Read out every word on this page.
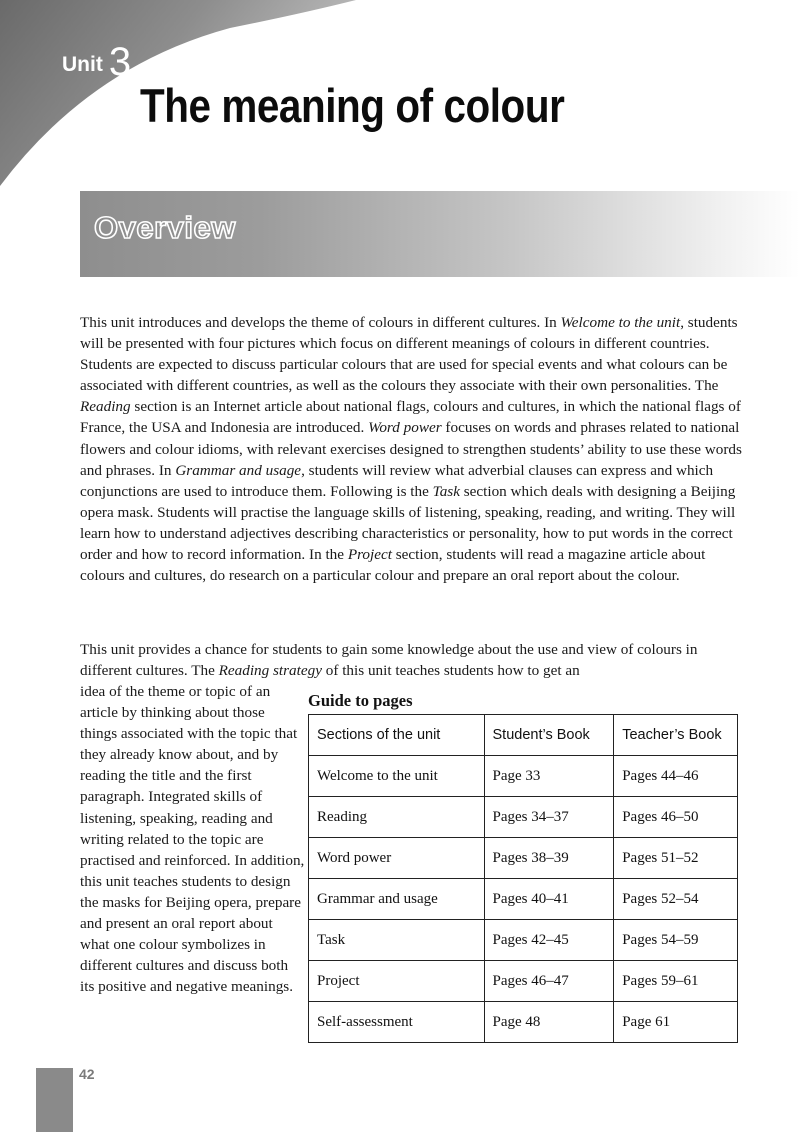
Unit 3
The meaning of colour
Overview

This unit introduces and develops the theme of colours in different cultures. In Welcome to the unit, students will be presented with four pictures which focus on different meanings of colours in different countries. Students are expected to discuss particular colours that are used for special events and what colours can be associated with different countries, as well as the colours they associate with their own personalities. The Reading section is an Internet article about national flags, colours and cultures, in which the national flags of France, the USA and Indonesia are introduced. Word power focuses on words and phrases related to national flowers and colour idioms, with relevant exercises designed to strengthen students’ ability to use these words and phrases. In Grammar and usage, students will review what adverbial clauses can express and which conjunctions are used to introduce them. Following is the Task section which deals with designing a Beijing opera mask. Students will practise the language skills of listening, speaking, reading, and writing. They will learn how to understand adjectives describing characteristics or personality, how to put words in the correct order and how to record information. In the Project section, students will read a magazine article about colours and cultures, do research on a particular colour and prepare an oral report about the colour.

This unit provides a chance for students to gain some knowledge about the use and view of colours in different cultures. The Reading strategy of this unit teaches students how to get an

idea of the theme or topic of an article by thinking about those things associated with the topic that they already know about, and by reading the title and the first paragraph. Integrated skills of listening, speaking, reading and writing related to the topic are practised and reinforced. In addition, this unit teaches students to design the masks for Beijing opera, prepare and present an oral report about what one colour symbolizes in different cultures and discuss both its positive and negative meanings.

Guide to pages
Sections of the unit	Student’s Book	Teacher’s Book
Welcome to the unit	Page 33	Pages 44–46
Reading	Pages 34–37	Pages 46–50
Word power	Pages 38–39	Pages 51–52
Grammar and usage	Pages 40–41	Pages 52–54
Task	Pages 42–45	Pages 54–59
Project	Pages 46–47	Pages 59–61
Self-assessment	Page 48	Page 61
42
